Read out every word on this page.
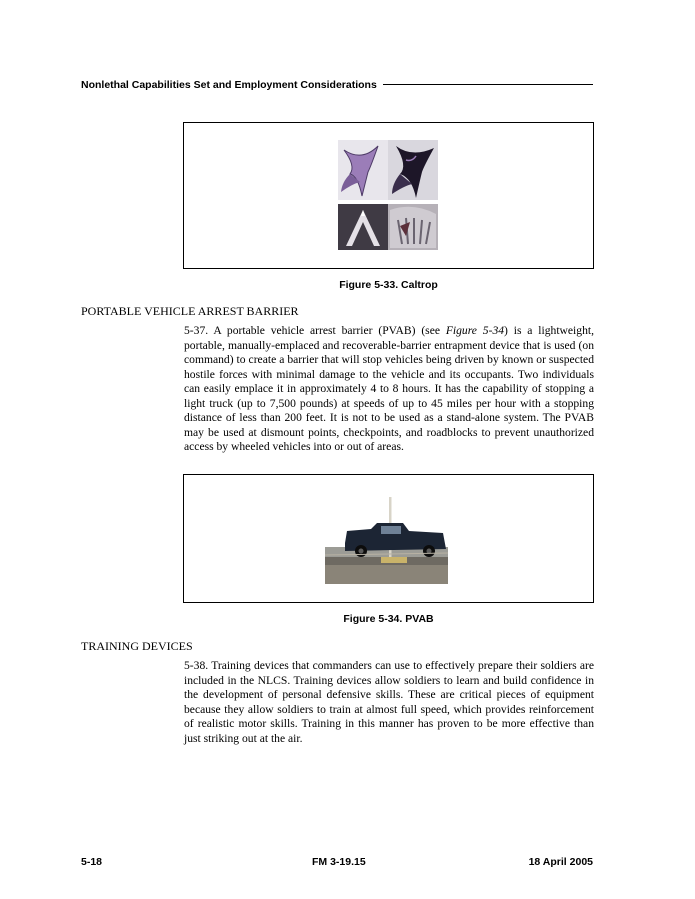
Nonlethal Capabilities Set and Employment Considerations
Figure 5-33. Caltrop
PORTABLE VEHICLE ARREST BARRIER
5-37. A portable vehicle arrest barrier (PVAB) (see Figure 5-34) is a lightweight, portable, manually-emplaced and recoverable-barrier entrapment device that is used (on command) to create a barrier that will stop vehicles being driven by known or suspected hostile forces with minimal damage to the vehicle and its occupants. Two individuals can easily emplace it in approximately 4 to 8 hours. It has the capability of stopping a light truck (up to 7,500 pounds) at speeds of up to 45 miles per hour with a stopping distance of less than 200 feet. It is not to be used as a stand-alone system. The PVAB may be used at dismount points, checkpoints, and roadblocks to prevent unauthorized access by wheeled vehicles into or out of areas.
Figure 5-34. PVAB
TRAINING DEVICES
5-38. Training devices that commanders can use to effectively prepare their soldiers are included in the NLCS. Training devices allow soldiers to learn and build confidence in the development of personal defensive skills. These are critical pieces of equipment because they allow soldiers to train at almost full speed, which provides reinforcement of realistic motor skills. Training in this manner has proven to be more effective than just striking out at the air.
5-18	FM 3-19.15	18 April 2005
